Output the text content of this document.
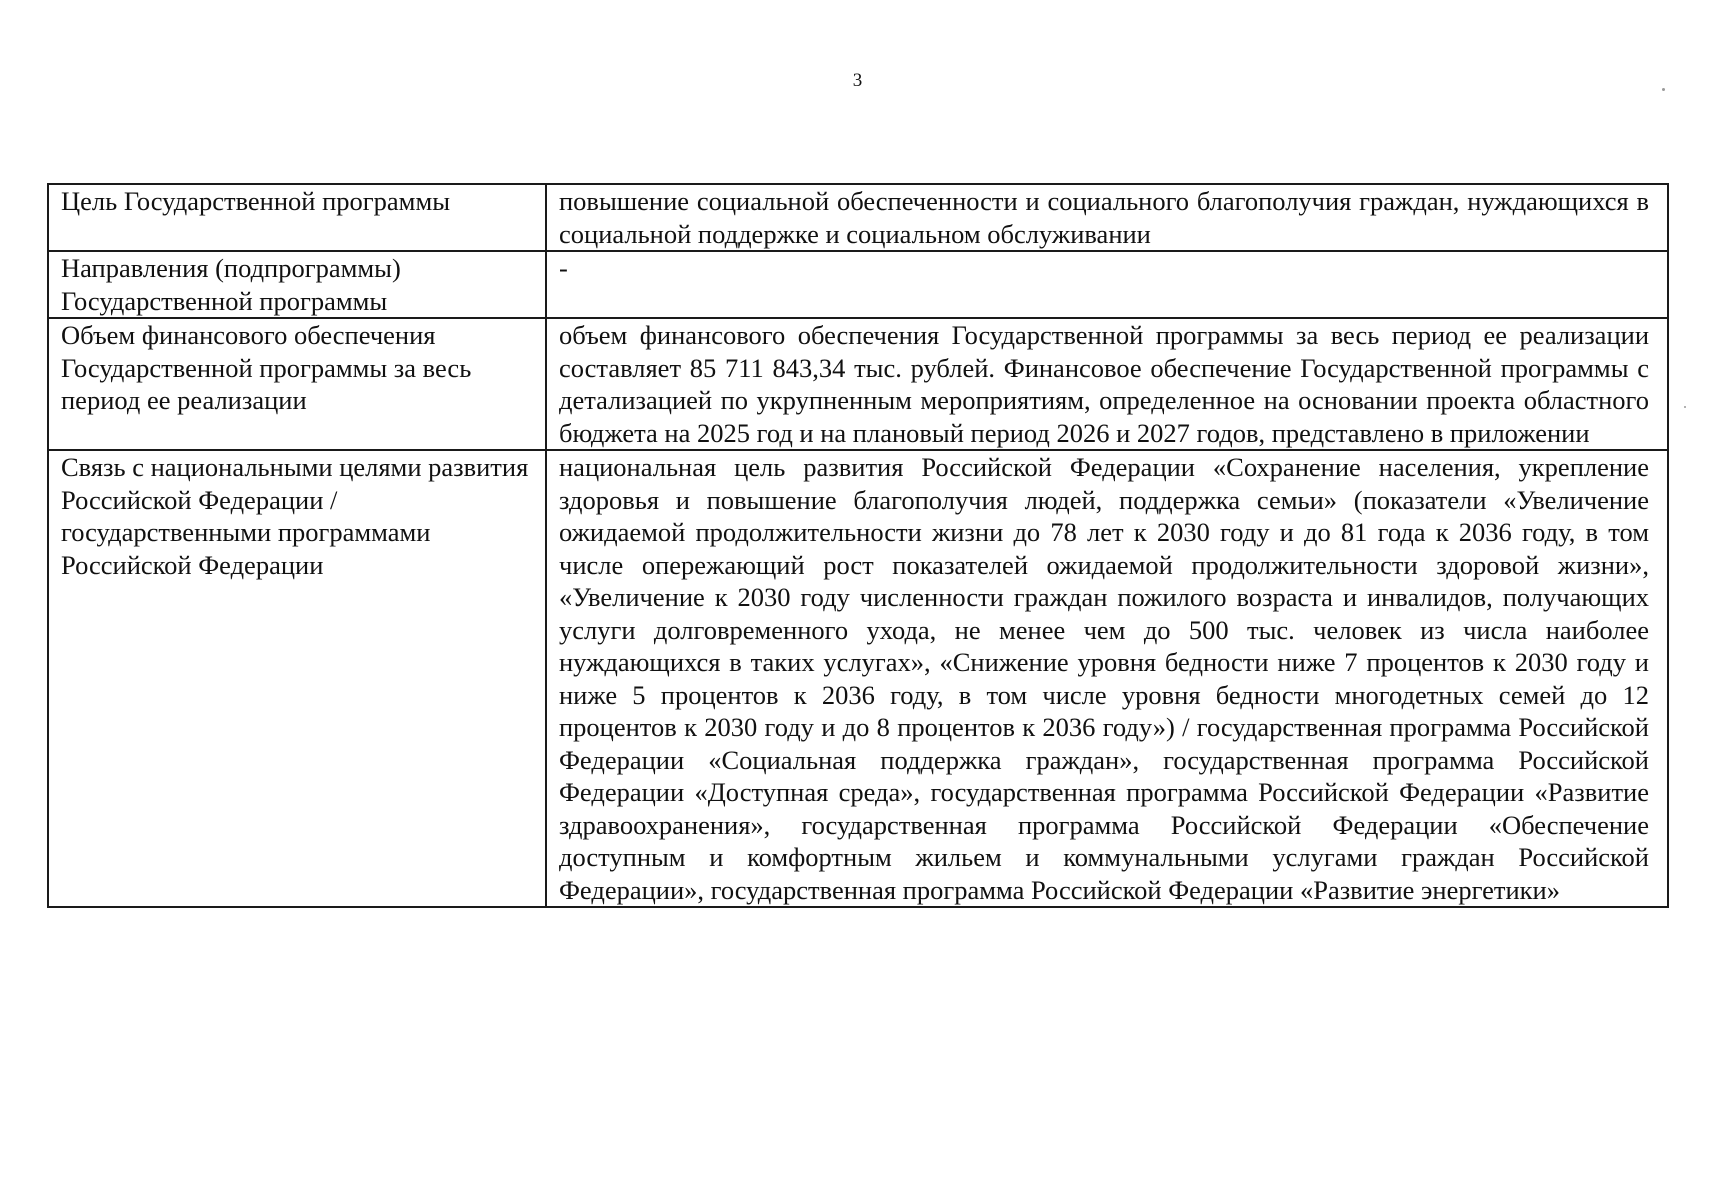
3
Цель Государственной программы	повышение социальной обеспеченности и социального благополучия граждан, нуждающихся в социальной поддержке и социальном обслуживании
Направления (подпрограммы) Государственной программы	-
Объем финансового обеспечения Государственной программы за весь период ее реализации	объем финансового обеспечения Государственной программы за весь период ее реализации составляет 85 711 843,34 тыс. рублей. Финансовое обеспечение Государственной программы с детализацией по укрупненным мероприятиям, определенное на основании проекта областного бюджета на 2025 год и на плановый период 2026 и 2027 годов, представлено в приложении
Связь с национальными целями развития Российской Федерации / государственными программами Российской Федерации	национальная цель развития Российской Федерации «Сохранение населения, укрепление здоровья и повышение благополучия людей, поддержка семьи» (показатели «Увеличение ожидаемой продолжительности жизни до 78 лет к 2030 году и до 81 года к 2036 году, в том числе опережающий рост показателей ожидаемой продолжительности здоровой жизни», «Увеличение к 2030 году численности граждан пожилого возраста и инвалидов, получающих услуги долговременного ухода, не менее чем до 500 тыс. человек из числа наиболее нуждающихся в таких услугах», «Снижение уровня бедности ниже 7 процентов к 2030 году и ниже 5 процентов к 2036 году, в том числе уровня бедности многодетных семей до 12 процентов к 2030 году и до 8 процентов к 2036 году») / государственная программа Российской Федерации «Социальная поддержка граждан», государственная программа Российской Федерации «Доступная среда», государственная программа Российской Федерации «Развитие здравоохранения», государственная программа Российской Федерации «Обеспечение доступным и комфортным жильем и коммунальными услугами граждан Российской Федерации», государственная программа Российской Федерации «Развитие энергетики»
